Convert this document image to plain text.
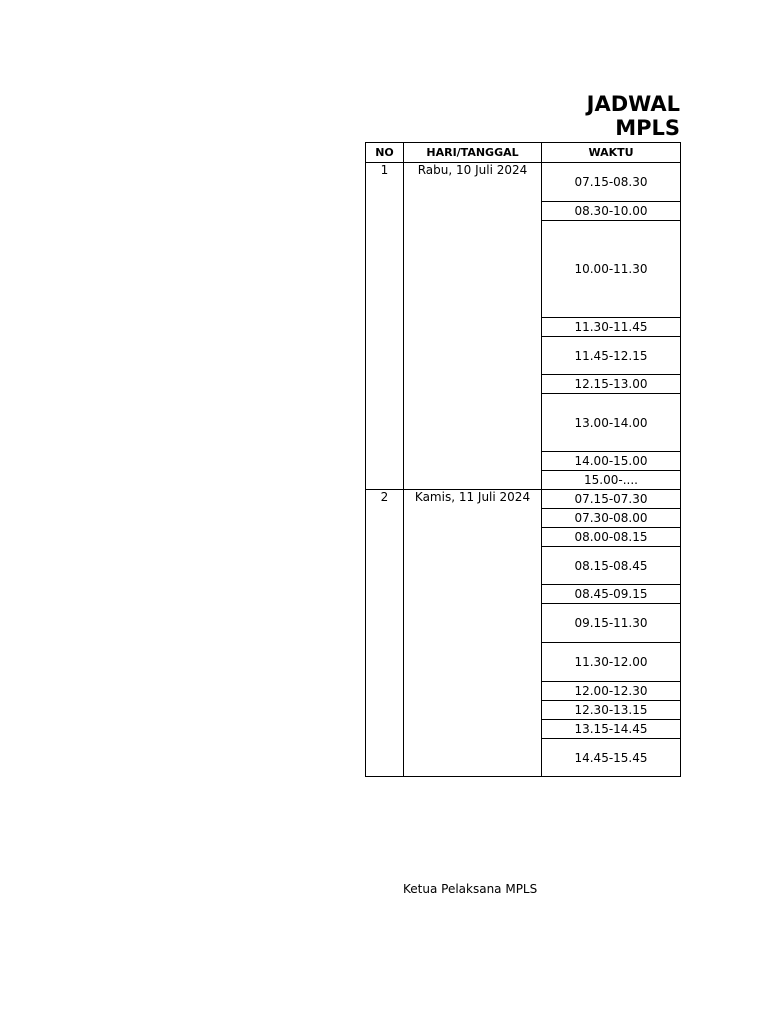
JADWAL MPLS
NO	HARI/TANGGAL	WAKTU
1	Rabu, 10 Juli 2024	07.15-08.30
		08.30-10.00
		10.00-11.30
		11.30-11.45
		11.45-12.15
		12.15-13.00
		13.00-14.00
		14.00-15.00
		15.00-....
2	Kamis, 11 Juli 2024	07.15-07.30
		07.30-08.00
		08.00-08.15
		08.15-08.45
		08.45-09.15
		09.15-11.30
		11.30-12.00
		12.00-12.30
		12.30-13.15
		13.15-14.45
		14.45-15.45
Ketua Pelaksana MPLS
